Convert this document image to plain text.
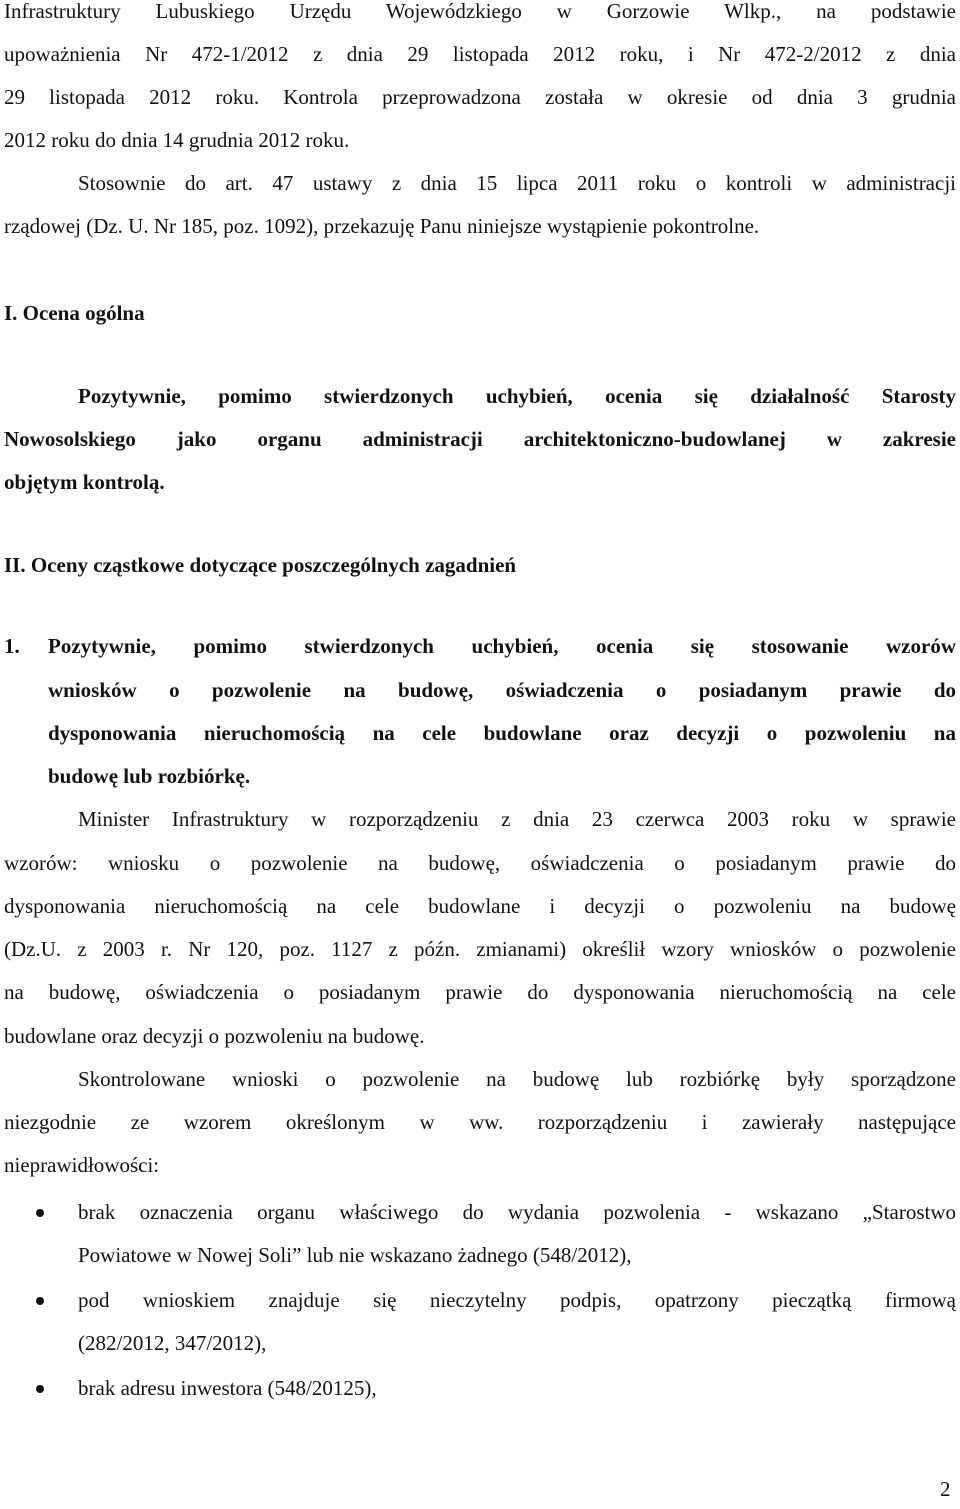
Infrastruktury Lubuskiego Urzędu Wojewódzkiego w Gorzowie Wlkp., na podstawie
upoważnienia Nr 472-1/2012 z dnia 29 listopada 2012 roku, i Nr 472-2/2012 z dnia
29 listopada 2012 roku. Kontrola przeprowadzona została w okresie od dnia 3 grudnia
2012 roku do dnia 14 grudnia 2012 roku.
Stosownie do art. 47 ustawy z dnia 15 lipca 2011 roku o kontroli w administracji
rządowej (Dz. U. Nr 185, poz. 1092), przekazuję Panu niniejsze wystąpienie pokontrolne.
I. Ocena ogólna
Pozytywnie, pomimo stwierdzonych uchybień, ocenia się działalność Starosty
Nowosolskiego jako organu administracji architektoniczno-budowlanej w zakresie
objętym kontrolą.
II. Oceny cząstkowe dotyczące poszczególnych zagadnień
1.	Pozytywnie, pomimo stwierdzonych uchybień, ocenia się stosowanie wzorów
wniosków o pozwolenie na budowę, oświadczenia o posiadanym prawie do
dysponowania nieruchomością na cele budowlane oraz decyzji o pozwoleniu na
budowę lub rozbiórkę.
Minister Infrastruktury w rozporządzeniu z dnia 23 czerwca 2003 roku w sprawie
wzorów: wniosku o pozwolenie na budowę, oświadczenia o posiadanym prawie do
dysponowania nieruchomością na cele budowlane i decyzji o pozwoleniu na budowę
(Dz.U. z 2003 r. Nr 120, poz. 1127 z późn. zmianami) określił wzory wniosków o pozwolenie
na budowę, oświadczenia o posiadanym prawie do dysponowania nieruchomością na cele
budowlane oraz decyzji o pozwoleniu na budowę.
Skontrolowane wnioski o pozwolenie na budowę lub rozbiórkę były sporządzone
niezgodnie ze wzorem określonym w ww. rozporządzeniu i zawierały następujące
nieprawidłowości:
brak oznaczenia organu właściwego do wydania pozwolenia - wskazano „Starostwo
Powiatowe w Nowej Soli” lub nie wskazano żadnego (548/2012),
pod wnioskiem znajduje się nieczytelny podpis, opatrzony pieczątką firmową
(282/2012, 347/2012),
brak adresu inwestora (548/20125),
2
